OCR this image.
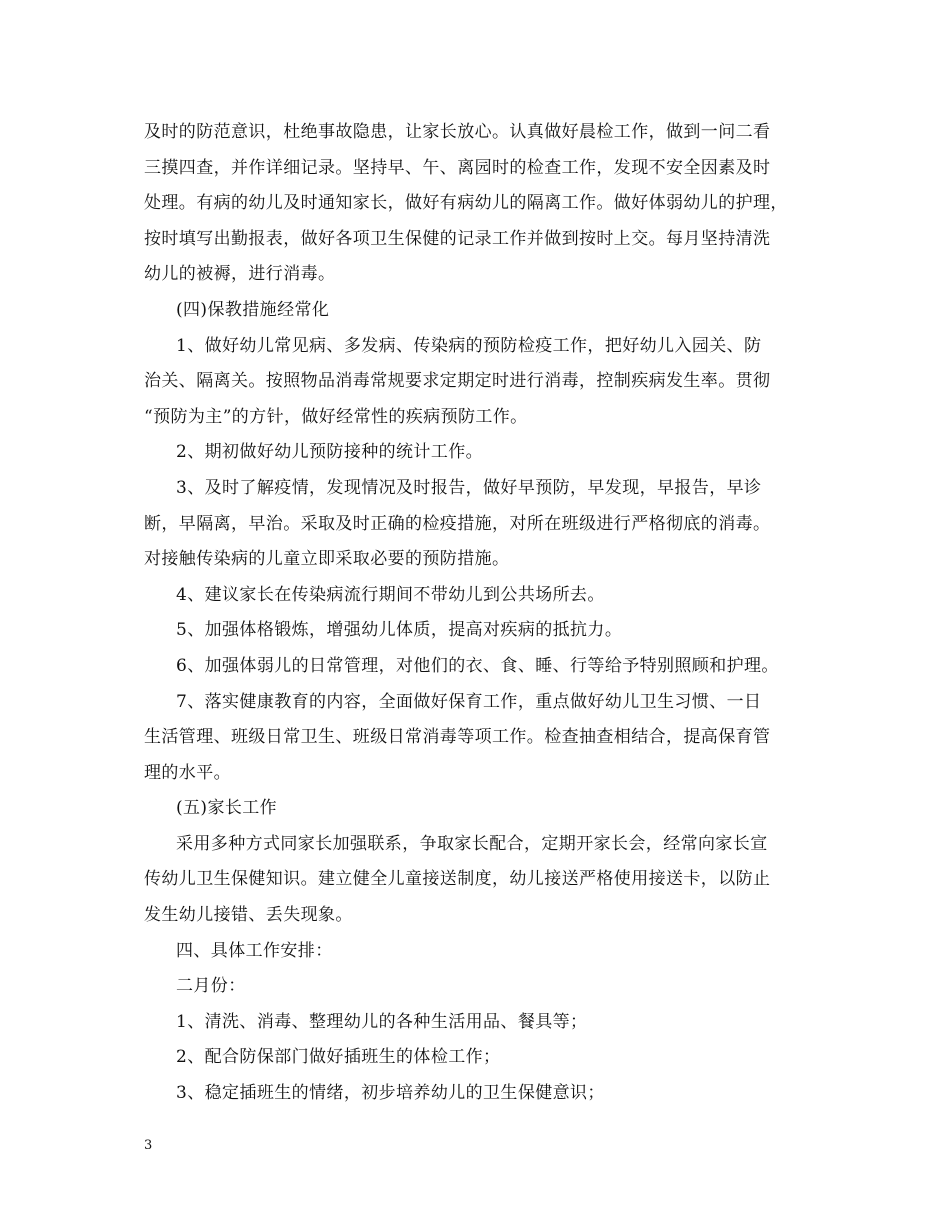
及时的防范意识，杜绝事故隐患，让家长放心。认真做好晨检工作，做到一问二看
三摸四查，并作详细记录。坚持早、午、离园时的检查工作，发现不安全因素及时
处理。有病的幼儿及时通知家长，做好有病幼儿的隔离工作。做好体弱幼儿的护理，
按时填写出勤报表，做好各项卫生保健的记录工作并做到按时上交。每月坚持清洗
幼儿的被褥，进行消毒。
(四)保教措施经常化
1、做好幼儿常见病、多发病、传染病的预防检疫工作，把好幼儿入园关、防
治关、隔离关。按照物品消毒常规要求定期定时进行消毒，控制疾病发生率。贯彻
“预防为主”的方针，做好经常性的疾病预防工作。
2、期初做好幼儿预防接种的统计工作。
3、及时了解疫情，发现情况及时报告，做好早预防，早发现，早报告，早诊
断，早隔离，早治。采取及时正确的检疫措施，对所在班级进行严格彻底的消毒。
对接触传染病的儿童立即采取必要的预防措施。
4、建议家长在传染病流行期间不带幼儿到公共场所去。
5、加强体格锻炼，增强幼儿体质，提高对疾病的抵抗力。
6、加强体弱儿的日常管理，对他们的衣、食、睡、行等给予特别照顾和护理。
7、落实健康教育的内容，全面做好保育工作，重点做好幼儿卫生习惯、一日
生活管理、班级日常卫生、班级日常消毒等项工作。检查抽查相结合，提高保育管
理的水平。
(五)家长工作
采用多种方式同家长加强联系，争取家长配合，定期开家长会，经常向家长宣
传幼儿卫生保健知识。建立健全儿童接送制度，幼儿接送严格使用接送卡，以防止
发生幼儿接错、丢失现象。
四、具体工作安排：
二月份：
1、清洗、消毒、整理幼儿的各种生活用品、餐具等；
2、配合防保部门做好插班生的体检工作；
3、稳定插班生的情绪，初步培养幼儿的卫生保健意识；
3
